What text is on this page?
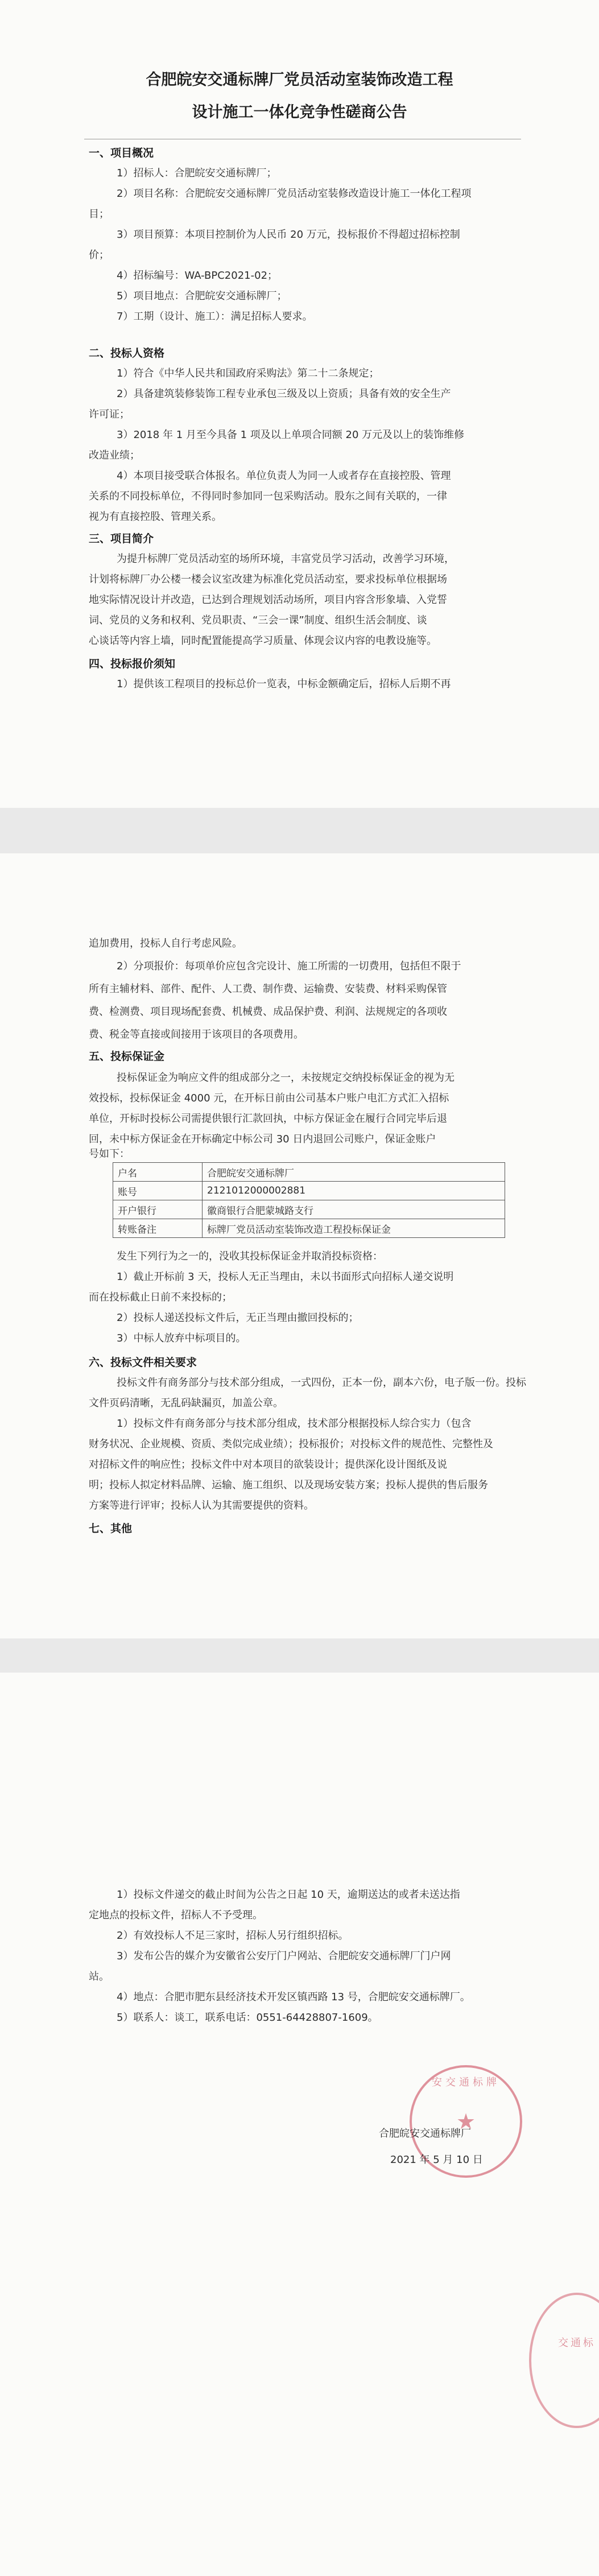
合肥皖安交通标牌厂党员活动室装饰改造工程
设计施工一体化竞争性磋商公告
一、项目概况
1）招标人：合肥皖安交通标牌厂；
2）项目名称：合肥皖安交通标牌厂党员活动室装修改造设计施工一体化工程项
目；
3）项目预算：本项目控制价为人民币 20 万元，投标报价不得超过招标控制
价；
4）招标编号：WA-BPC2021-02；
5）项目地点：合肥皖安交通标牌厂；
7）工期（设计、施工）：满足招标人要求。
二、投标人资格
1）符合《中华人民共和国政府采购法》第二十二条规定；
2）具备建筑装修装饰工程专业承包三级及以上资质；具备有效的安全生产
许可证；
3）2018 年 1 月至今具备 1 项及以上单项合同额 20 万元及以上的装饰维修
改造业绩；
4）本项目接受联合体报名。单位负责人为同一人或者存在直接控股、管理
关系的不同投标单位，不得同时参加同一包采购活动。股东之间有关联的，一律
视为有直接控股、管理关系。
三、项目简介
为提升标牌厂党员活动室的场所环境，丰富党员学习活动，改善学习环境，
计划将标牌厂办公楼一楼会议室改建为标准化党员活动室，要求投标单位根据场
地实际情况设计并改造，已达到合理规划活动场所，项目内容含形象墙、入党誓
词、党员的义务和权利、党员职责、“三会一课”制度、组织生活会制度、谈
心谈话等内容上墙，同时配置能提高学习质量、体现会议内容的电教设施等。
四、投标报价须知
1）提供该工程项目的投标总价一览表，中标金额确定后，招标人后期不再
追加费用，投标人自行考虑风险。
2）分项报价：每项单价应包含完设计、施工所需的一切费用，包括但不限于
所有主辅材料、部件、配件、人工费、制作费、运输费、安装费、材料采购保管
费、检测费、项目现场配套费、机械费、成品保护费、利润、法规规定的各项收
费、税金等直接或间接用于该项目的各项费用。
五、投标保证金
投标保证金为响应文件的组成部分之一，未按规定交纳投标保证金的视为无
效投标，投标保证金 4000 元，在开标日前由公司基本户账户电汇方式汇入招标
单位，开标时投标公司需提供银行汇款回执，中标方保证金在履行合同完毕后退
回，未中标方保证金在开标确定中标公司 30 日内退回公司账户，保证金账户
号如下：
户名	合肥皖安交通标牌厂
账号	2121012000002881
开户银行	徽商银行合肥蒙城路支行
转账备注	标牌厂党员活动室装饰改造工程投标保证金
发生下列行为之一的，没收其投标保证金并取消投标资格：
1）截止开标前 3 天，投标人无正当理由，未以书面形式向招标人递交说明
而在投标截止日前不来投标的；
2）投标人递送投标文件后，无正当理由撤回投标的；
3）中标人放弃中标项目的。
六、投标文件相关要求
投标文件有商务部分与技术部分组成，一式四份，正本一份，副本六份，电子版一份。投标
文件页码清晰，无乱码缺漏页，加盖公章。
1）投标文件有商务部分与技术部分组成，技术部分根据投标人综合实力（包含
财务状况、企业规模、资质、类似完成业绩）；投标报价；对投标文件的规范性、完整性及
对招标文件的响应性；投标文件中对本项目的欲装设计；提供深化设计图纸及说
明；投标人拟定材料品牌、运输、施工组织、以及现场安装方案；投标人提供的售后服务
方案等进行评审；投标人认为其需要提供的资料。
七、其他
1）投标文件递交的截止时间为公告之日起 10 天，逾期送达的或者未送达指
定地点的投标文件，招标人不予受理。
2）有效投标人不足三家时，招标人另行组织招标。
3）发布公告的媒介为安徽省公安厅门户网站、合肥皖安交通标牌厂门户网
站。
4）地点：合肥市肥东县经济技术开发区镇西路 13 号，合肥皖安交通标牌厂。
5）联系人：谈工，联系电话：0551-64428807-1609。
安交通标牌
★
合肥皖安交通标牌厂
2021 年 5 月 10 日
交通标
